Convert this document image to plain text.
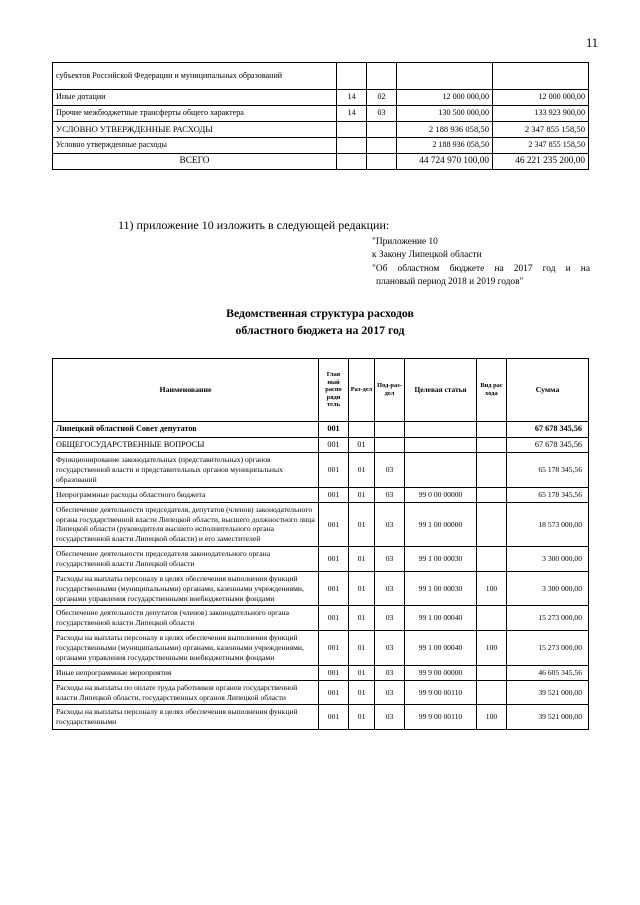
11
субъектов Российской Федерации и муниципальных образований				
Иные дотации	14	02	12 000 000,00	12 000 000,00
Прочие межбюджетные трансферты общего характера	14	03	130 500 000,00	133 923 900,00
УСЛОВНО УТВЕРЖДЕННЫЕ РАСХОДЫ			2 188 936 058,50	2 347 855 158,50
Условно утвержденные расходы			2 188 936 058,50	2 347 855 158,50
ВСЕГО			44 724 970 100,00	46 221 235 200,00
11) приложение 10 изложить в следующей редакции:
"Приложение 10
к Закону Липецкой области
"Об областном бюджете на 2017 год и на
плановый период 2018 и 2019 годов"
Ведомственная структура расходов
областного бюджета на 2017 год
Наименование	Глав ный распо ряди тель	Раз-дел	Под-раз-дел	Целевая статья	Вид рас хода	Сумма
Липецкий областной Совет депутатов	001					67 678 345,56
ОБЩЕГОСУДАРСТВЕННЫЕ ВОПРОСЫ	001	01				67 678 345,56
Функционирование законодательных (представительных) органов государственной власти и представительных органов муниципальных образований	001	01	03			65 178 345,56
Непрограммные расходы областного бюджета	001	01	03	99 0 00 00000		65 178 345,56
Обеспечение деятельности председателя, депутатов (членов) законодательного органа государственной власти Липецкой области, высшего должностного лица Липецкой области (руководителя высшего исполнительного органа государственной власти Липецкой области) и его заместителей	001	01	03	99 1 00 00000		18 573 000,00
Обеспечение деятельности председателя законодательного органа государственной власти Липецкой области	001	01	03	99 1 00 00030		3 300 000,00
Расходы на выплаты персоналу в целях обеспечения выполнения функций государственными (муниципальными) органами, казенными учреждениями, органами управления государственными внебюджетными фондами	001	01	03	99 1 00 00030	100	3 300 000,00
Обеспечение деятельности депутатов (членов) законодательного органа государственной власти Липецкой области	001	01	03	99 1 00 00040		15 273 000,00
Расходы на выплаты персоналу в целях обеспечения выполнения функций государственными (муниципальными) органами, казенными учреждениями, органами управления государственными внебюджетными фондами	001	01	03	99 1 00 00040	100	15 273 000,00
Иные непрограммные мероприятия	001	01	03	99 9 00 00000		46 605 345,56
Расходы на выплаты по оплате труда работников органов государственной власти Липецкой области, государственных органов Липецкой области	001	01	03	99 9 00 00110		39 521 000,00
Расходы на выплаты персоналу в целях обеспечения выполнения функций государственными	001	01	03	99 9 00 00110	100	39 521 000,00
